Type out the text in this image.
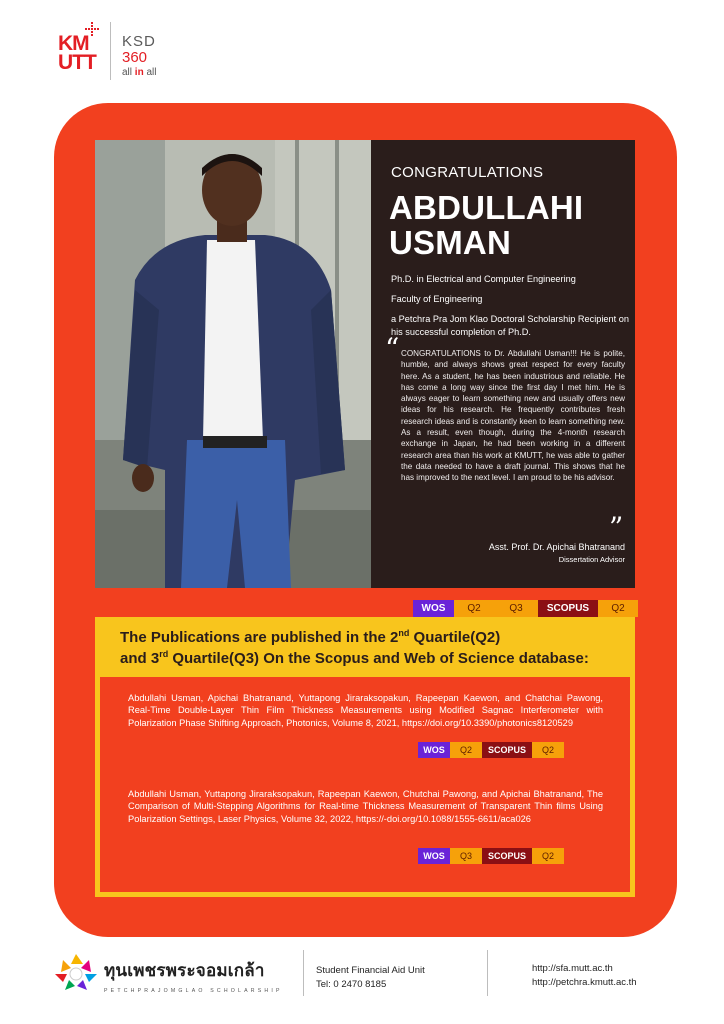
KM
UTT
KSD
360
all in all
CONGRATULATIONS
ABDULLAHI
USMAN
Ph.D. in Electrical and Computer Engineering
Faculty of Engineering
a Petchra Pra Jom Klao Doctoral Scholarship Recipient on his successful completion of Ph.D.
“ CONGRATULATIONS to Dr. Abdullahi Usman!!! He is polite, humble, and always shows great respect for every faculty here. As a student, he has been industrious and reliable. He has come a long way since the first day I met him. He is always eager to learn something new and usually offers new ideas for his research. He frequently contributes fresh research ideas and is constantly keen to learn something new. As a result, even though, during the 4-month research exchange in Japan, he had been working in a different research area than his work at KMUTT, he was able to gather the data needed to have a draft journal. This shows that he has improved to the next level. I am proud to be his advisor.
”
Asst. Prof. Dr. Apichai Bhatranand
Dissertation Advisor
WOS	Q2	Q3	SCOPUS	Q2
The Publications are published in the 2nd Quartile(Q2)
and 3rd Quartile(Q3) On the Scopus and Web of Science database:
Abdullahi Usman, Apichai Bhatranand, Yuttapong Jiraraksopakun, Rapeepan Kaewon, and Chatchai Pawong, Real-Time Double-Layer Thin Film Thickness Measurements using Modified Sagnac Interferometer with Polarization Phase Shifting Approach, Photonics, Volume 8, 2021, https://doi.org/10.3390/photonics8120529
WOS	Q2	SCOPUS	Q2
Abdullahi Usman, Yuttapong Jiraraksopakun, Rapeepan Kaewon, Chutchai Pawong, and Apichai Bhatranand, The Comparison of Multi-Stepping Algorithms for Real-time Thickness Measurement of Transparent Thin films Using Polarization Settings, Laser Physics, Volume 32, 2022, https://-doi.org/10.1088/1555-6611/aca026
WOS	Q3	SCOPUS	Q2
ทุนเพชรพระจอมเกล้า
PETCHPRAJOMGLAO SCHOLARSHIP
Student Financial Aid Unit
Tel: 0 2470 8185
http://sfa.mutt.ac.th
http://petchra.kmutt.ac.th
